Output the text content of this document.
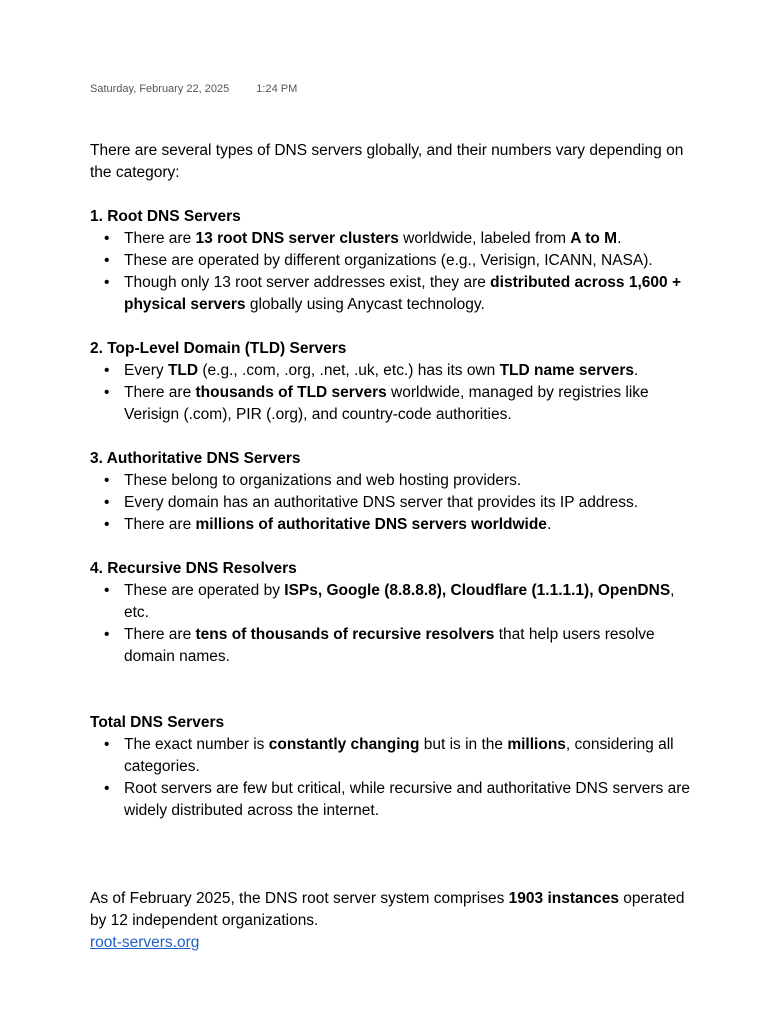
Saturday, February 22, 2025 1:24 PM

There are several types of DNS servers globally, and their numbers vary depending on the category:

1. Root DNS Servers

• There are 13 root DNS server clusters worldwide, labeled from A to M.
• These are operated by different organizations (e.g., Verisign, ICANN, NASA).
• Though only 13 root server addresses exist, they are distributed across 1,600 + physical servers globally using Anycast technology.

2. Top-Level Domain (TLD) Servers

• Every TLD (e.g., .com, .org, .net, .uk, etc.) has its own TLD name servers.
• There are thousands of TLD servers worldwide, managed by registries like Verisign (.com), PIR (.org), and country-code authorities.

3. Authoritative DNS Servers

• These belong to organizations and web hosting providers.
• Every domain has an authoritative DNS server that provides its IP address.
• There are millions of authoritative DNS servers worldwide.

4. Recursive DNS Resolvers

• These are operated by ISPs, Google (8.8.8.8), Cloudflare (1.1.1.1), OpenDNS, etc.
• There are tens of thousands of recursive resolvers that help users resolve domain names.

Total DNS Servers

• The exact number is constantly changing but is in the millions, considering all categories.
• Root servers are few but critical, while recursive and authoritative DNS servers are widely distributed across the internet.

As of February 2025, the DNS root server system comprises 1903 instances operated by 12 independent organizations.

root-servers.org
